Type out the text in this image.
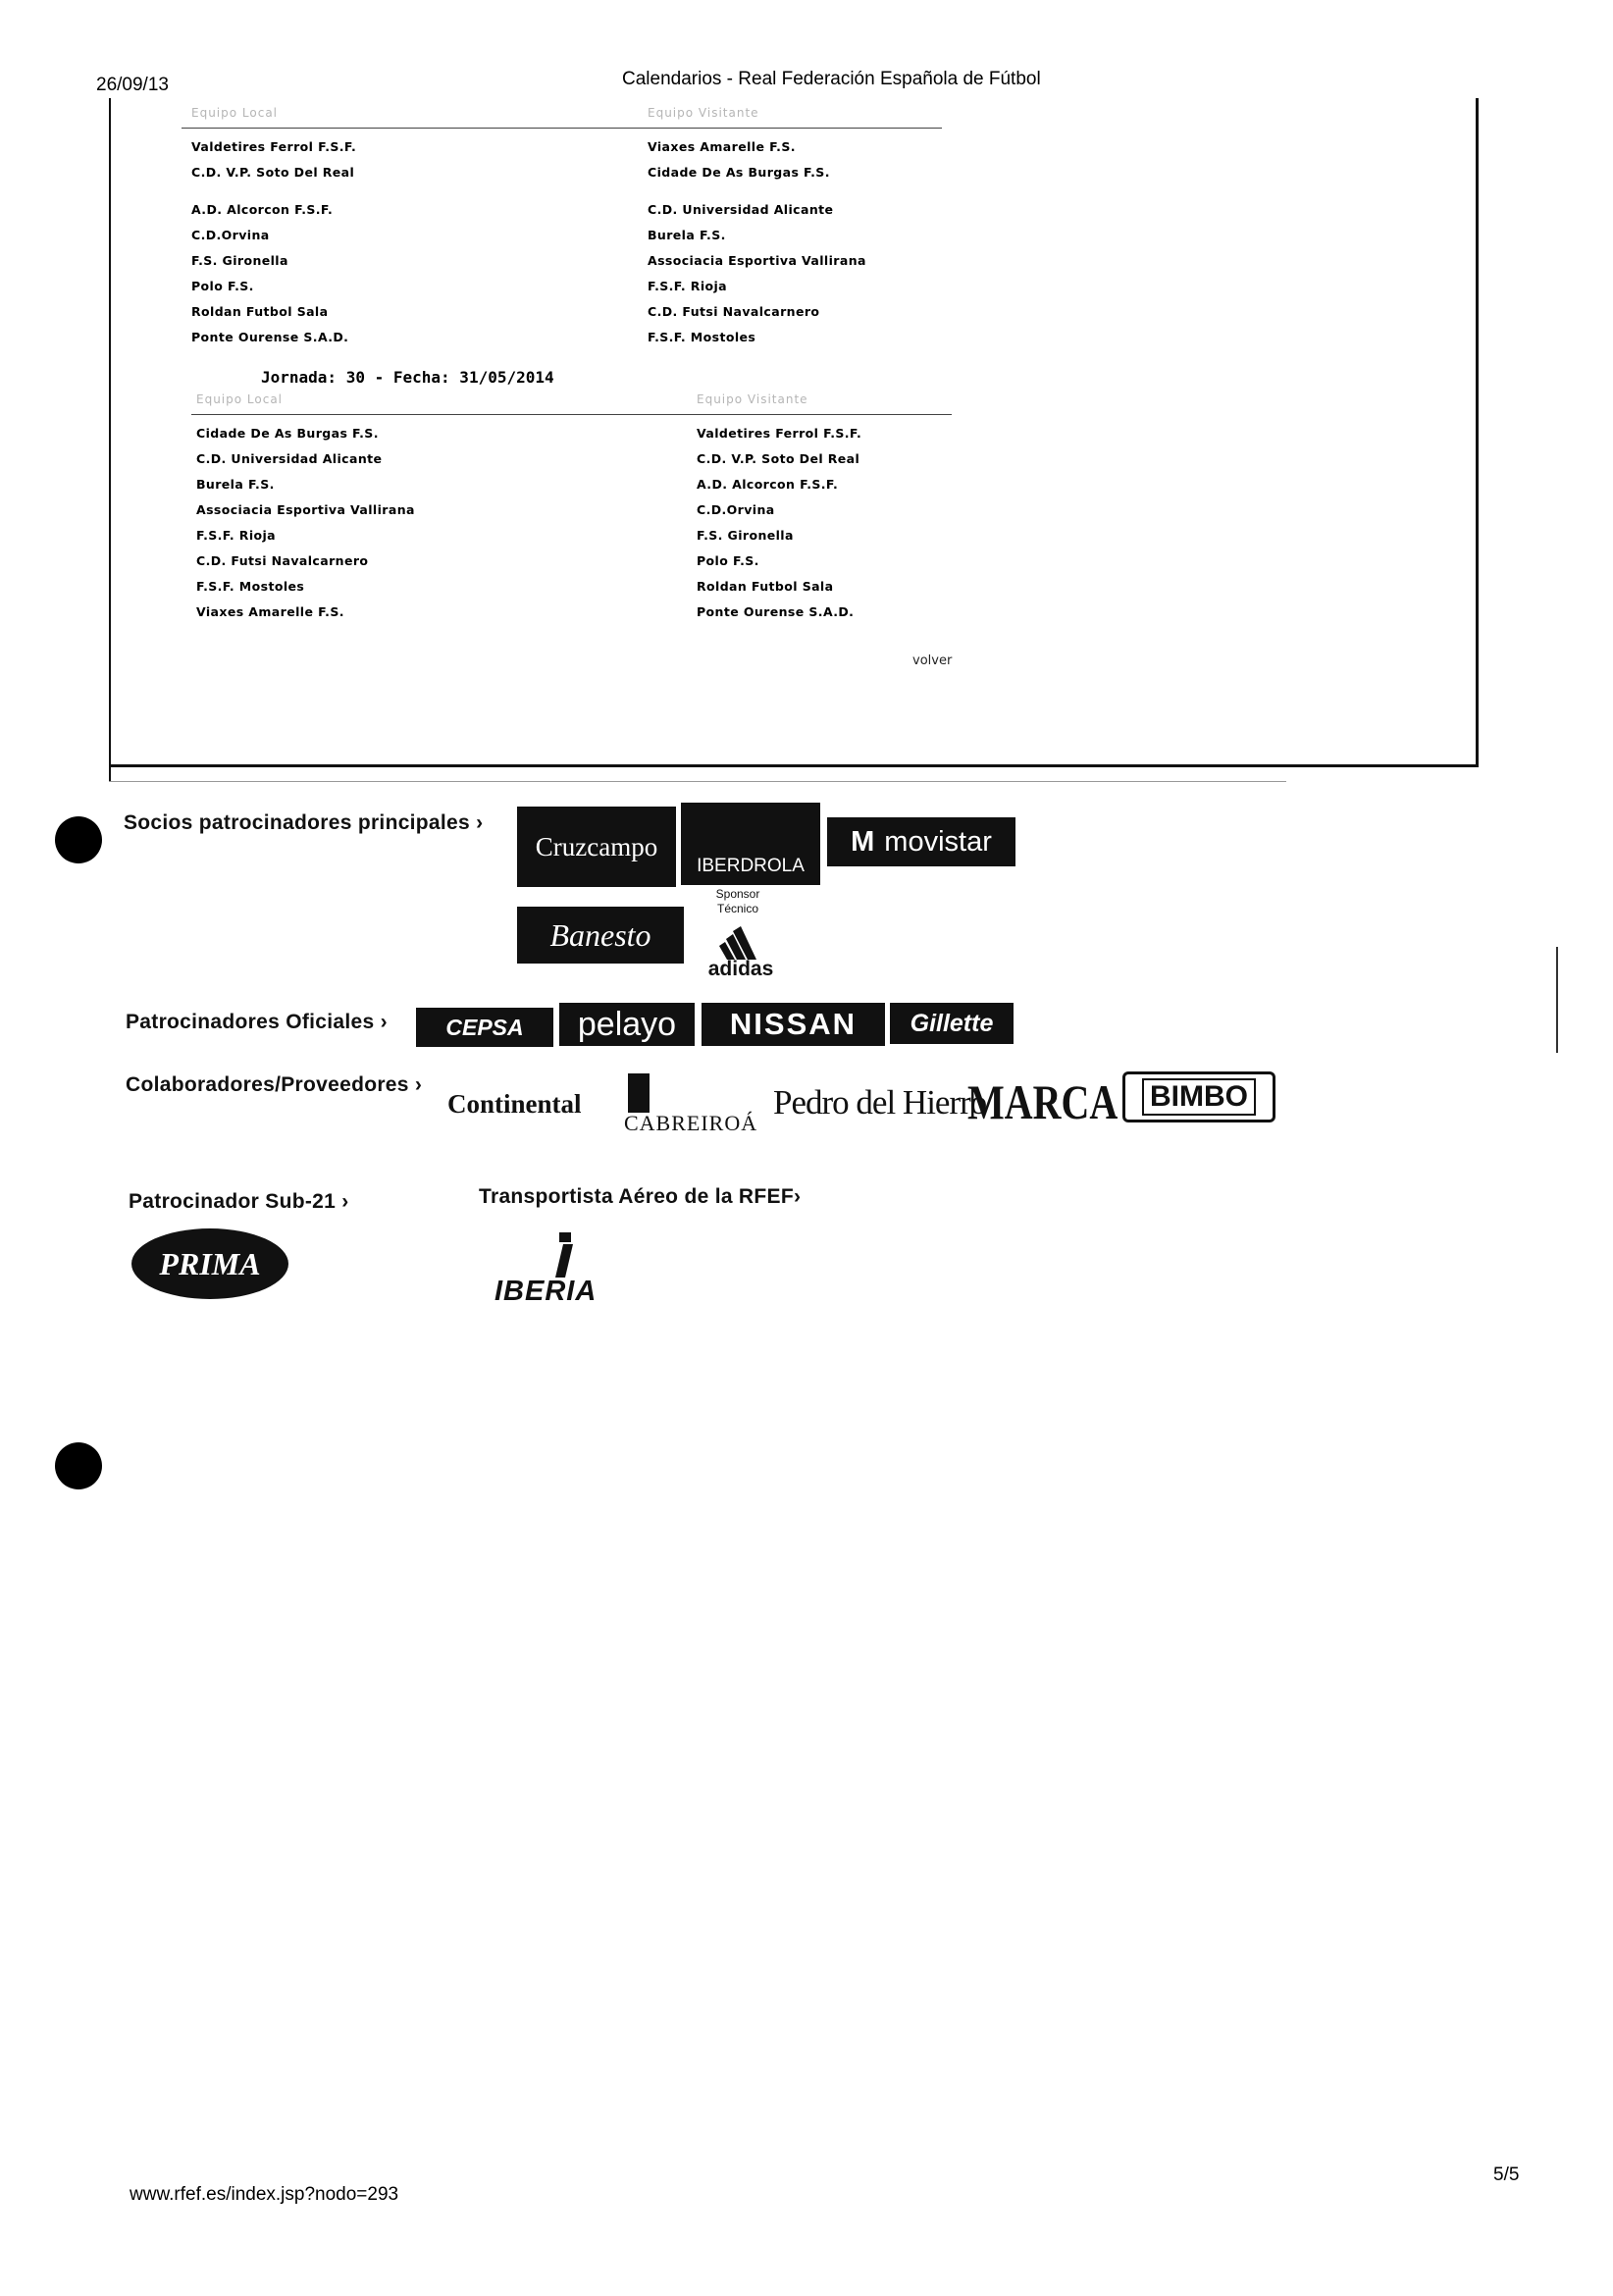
26/09/13	Calendarios - Real Federación Española de Fútbol
Equipo Local	Equipo Visitante
Valdetires Ferrol F.S.F.	Viaxes Amarelle F.S.
C.D. V.P. Soto Del Real	Cidade De As Burgas F.S.
A.D. Alcorcon F.S.F.	C.D. Universidad Alicante
C.D.Orvina	Burela F.S.
F.S. Gironella	Associacia Esportiva Vallirana
Polo F.S.	F.S.F. Rioja
Roldan Futbol Sala	C.D. Futsi Navalcarnero
Ponte Ourense S.A.D.	F.S.F. Mostoles
Jornada: 30 - Fecha: 31/05/2014
Equipo Local	Equipo Visitante
Cidade De As Burgas F.S.	Valdetires Ferrol F.S.F.
C.D. Universidad Alicante	C.D. V.P. Soto Del Real
Burela F.S.	A.D. Alcorcon F.S.F.
Associacia Esportiva Vallirana	C.D.Orvina
F.S.F. Rioja	F.S. Gironella
C.D. Futsi Navalcarnero	Polo F.S.
F.S.F. Mostoles	Roldan Futbol Sala
Viaxes Amarelle F.S.	Ponte Ourense S.A.D.
volver
Socios patrocinadores principales ›
Cruzcampo
IBERDROLA
M movistar
Sponsor Técnico
Banesto
adidas
Patrocinadores Oficiales ›	CEPSA pelayo NISSAN Gillette
Colaboradores/Proveedores ›
Continental
CABREIROÁ
Pedro del Hierro
MARCA BIMBO
Patrocinador Sub-21 ›
PRIMA
Transportista Aéreo de la RFEF›
IBERIA
www.rfef.es/index.jsp?nodo=293
5/5
